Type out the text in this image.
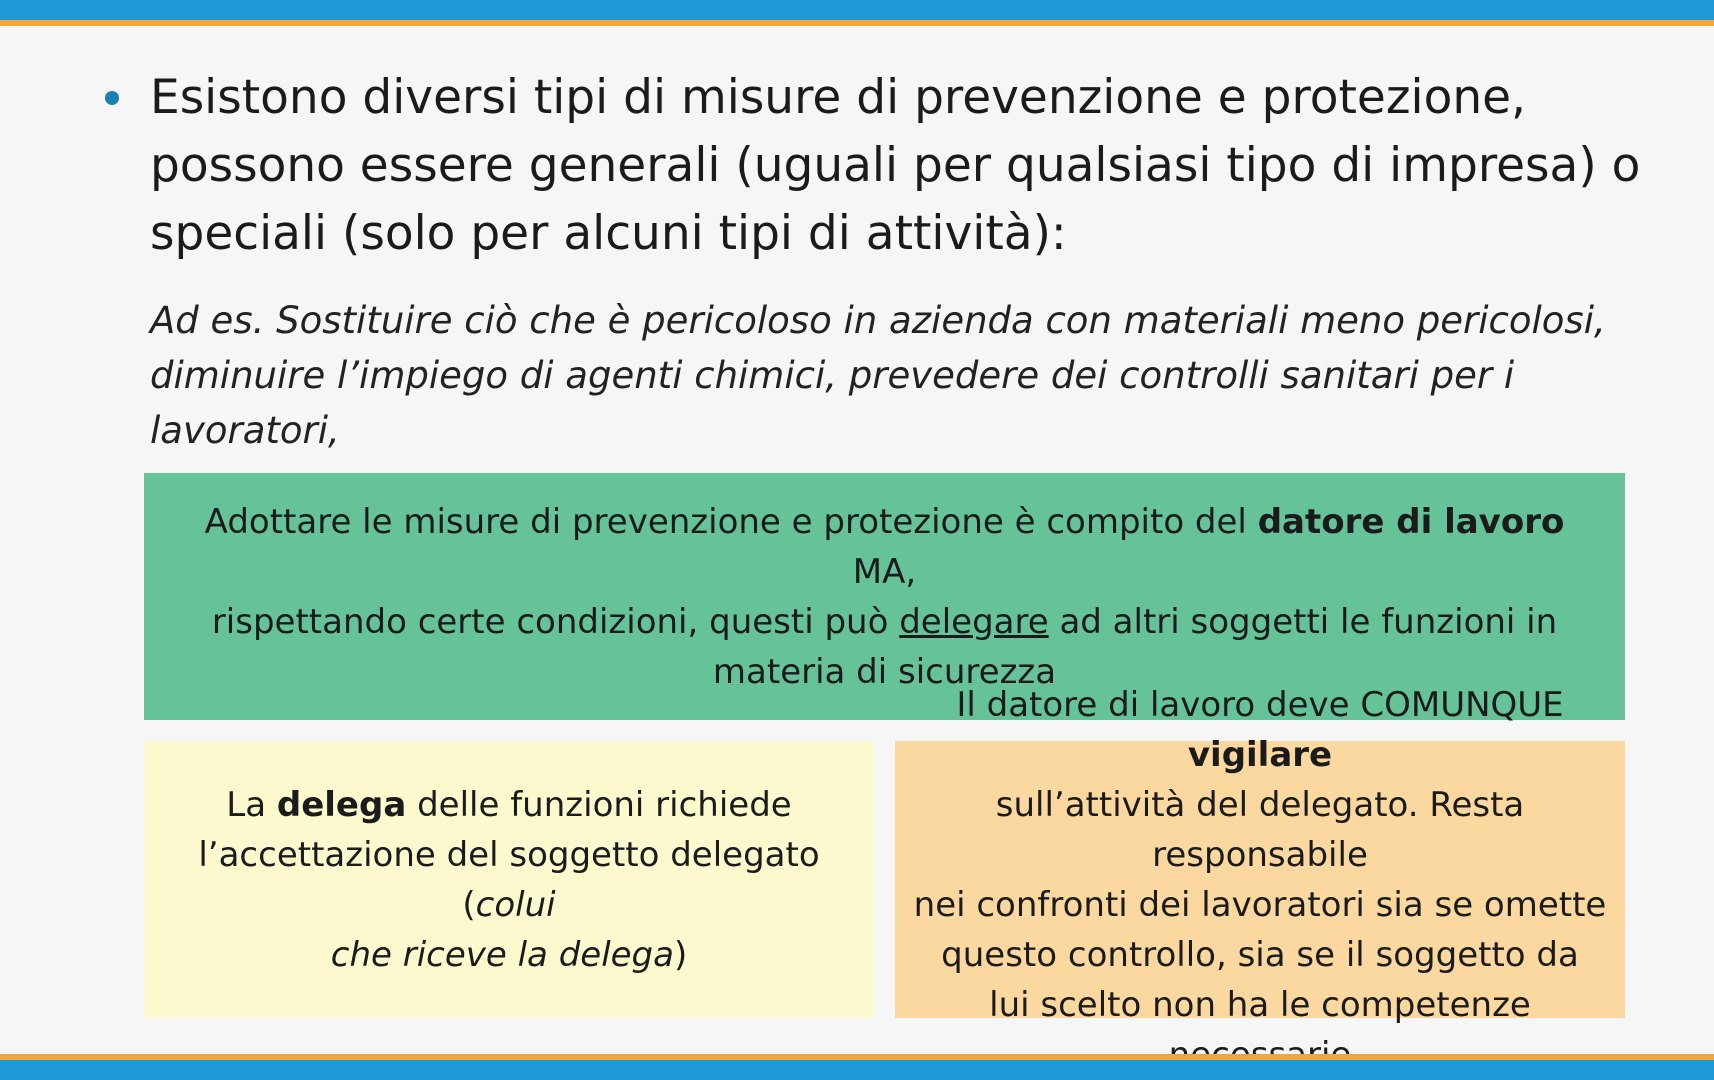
Esistono diversi tipi di misure di prevenzione e protezione,
possono essere generali (uguali per qualsiasi tipo di impresa) o
speciali (solo per alcuni tipi di attività):

Ad es. Sostituire ciò che è pericoloso in azienda con materiali meno pericolosi,
diminuire l’impiego di agenti chimici, prevedere dei controlli sanitari per i lavoratori,

Adottare le misure di prevenzione e protezione è compito del datore di lavoro MA,
rispettando certe condizioni, questi può delegare ad altri soggetti le funzioni in
materia di sicurezza

La delega delle funzioni richiede
l’accettazione del soggetto delegato (colui
che riceve la delega)

Il datore di lavoro deve COMUNQUE vigilare
sull’attività del delegato. Resta responsabile
nei confronti dei lavoratori sia se omette
questo controllo, sia se il soggetto da
lui scelto non ha le competenze
